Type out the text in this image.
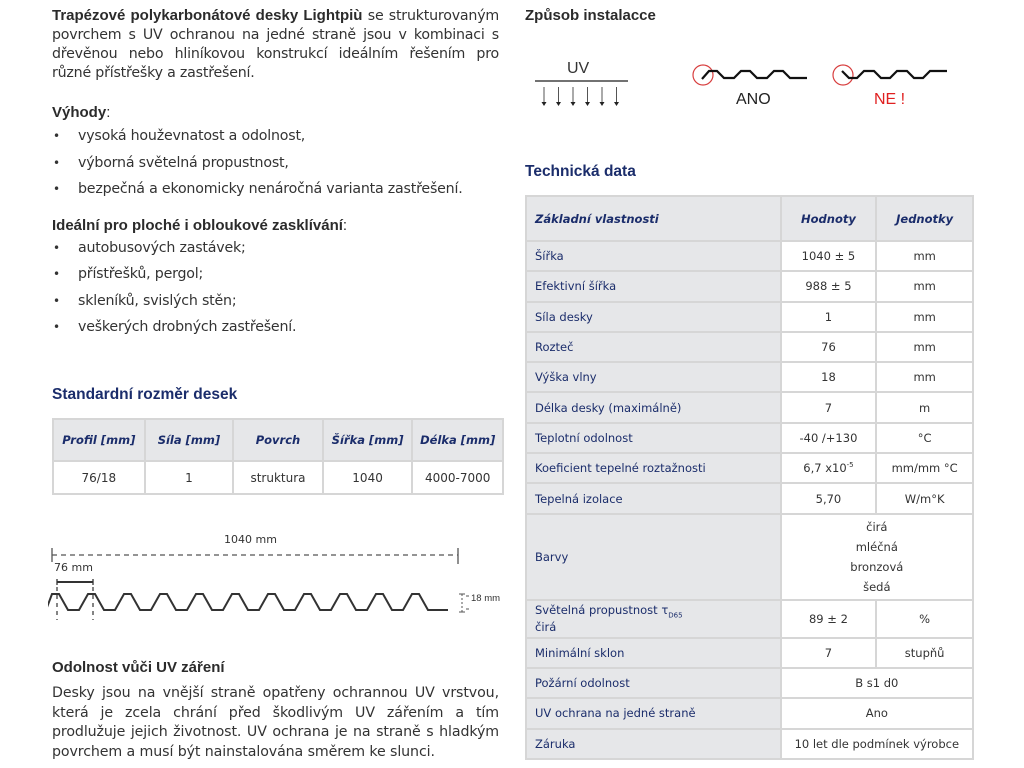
Trapézové polykarbonátové desky Lightpiù se strukturovaným povrchem s UV ochranou na jedné straně jsou v kombinaci s dřevěnou nebo hliníkovou konstrukcí ideálním řešením pro různé přístřešky a zastřešení.

Výhody:
• vysoká houževnatost a odolnost,
• výborná světelná propustnost,
• bezpečná a ekonomicky nenáročná varianta zastřešení.
Ideální pro ploché i obloukové zasklívání:
• autobusových zastávek;
• přístřešků, pergol;
• skleníků, svislých stěn;
• veškerých drobných zastřešení.
Standardní rozměr desek
Profil [mm]	Síla [mm]	Povrch	Šířka [mm]	Délka [mm]
76/18	1	struktura	1040	4000-7000
1040 mm
76 mm
18 mm
Odolnost vůči UV záření

Desky jsou na vnější straně opatřeny ochrannou UV vrstvou, která je zcela chrání před škodlivým UV zářením a tím prodlužuje jejich životnost. UV ochrana je na straně s hladkým povrchem a musí být nainstalována směrem ke slunci.

Způsob instalacce
UV
ANO	NE !
Technická data
Základní vlastnosti	Hodnoty	Jednotky
Šířka	1040 ± 5	mm
Efektivní šířka	988 ± 5	mm
Síla desky	1	mm
Rozteč	76	mm
Výška vlny	18	mm
Délka desky (maximálně)	7	m
Teplotní odolnost	-40 /+130	°C
Koeficient tepelné roztažnosti	6,7 $x10^{-5}$	mm/mm °C
Tepelná izolace	5,70	W/m°K
Barvy	čirá
mléčná
bronzová
šedá	

Světelná propustnost $\tau_{D65}$
čirá	89 ± 2	%
Minimální sklon	7	stupňů
Požární odolnost	B s1 d0	
UV ochrana na jedné straně	Ano	
Záruka	10 let dle podmínek výrobce	
